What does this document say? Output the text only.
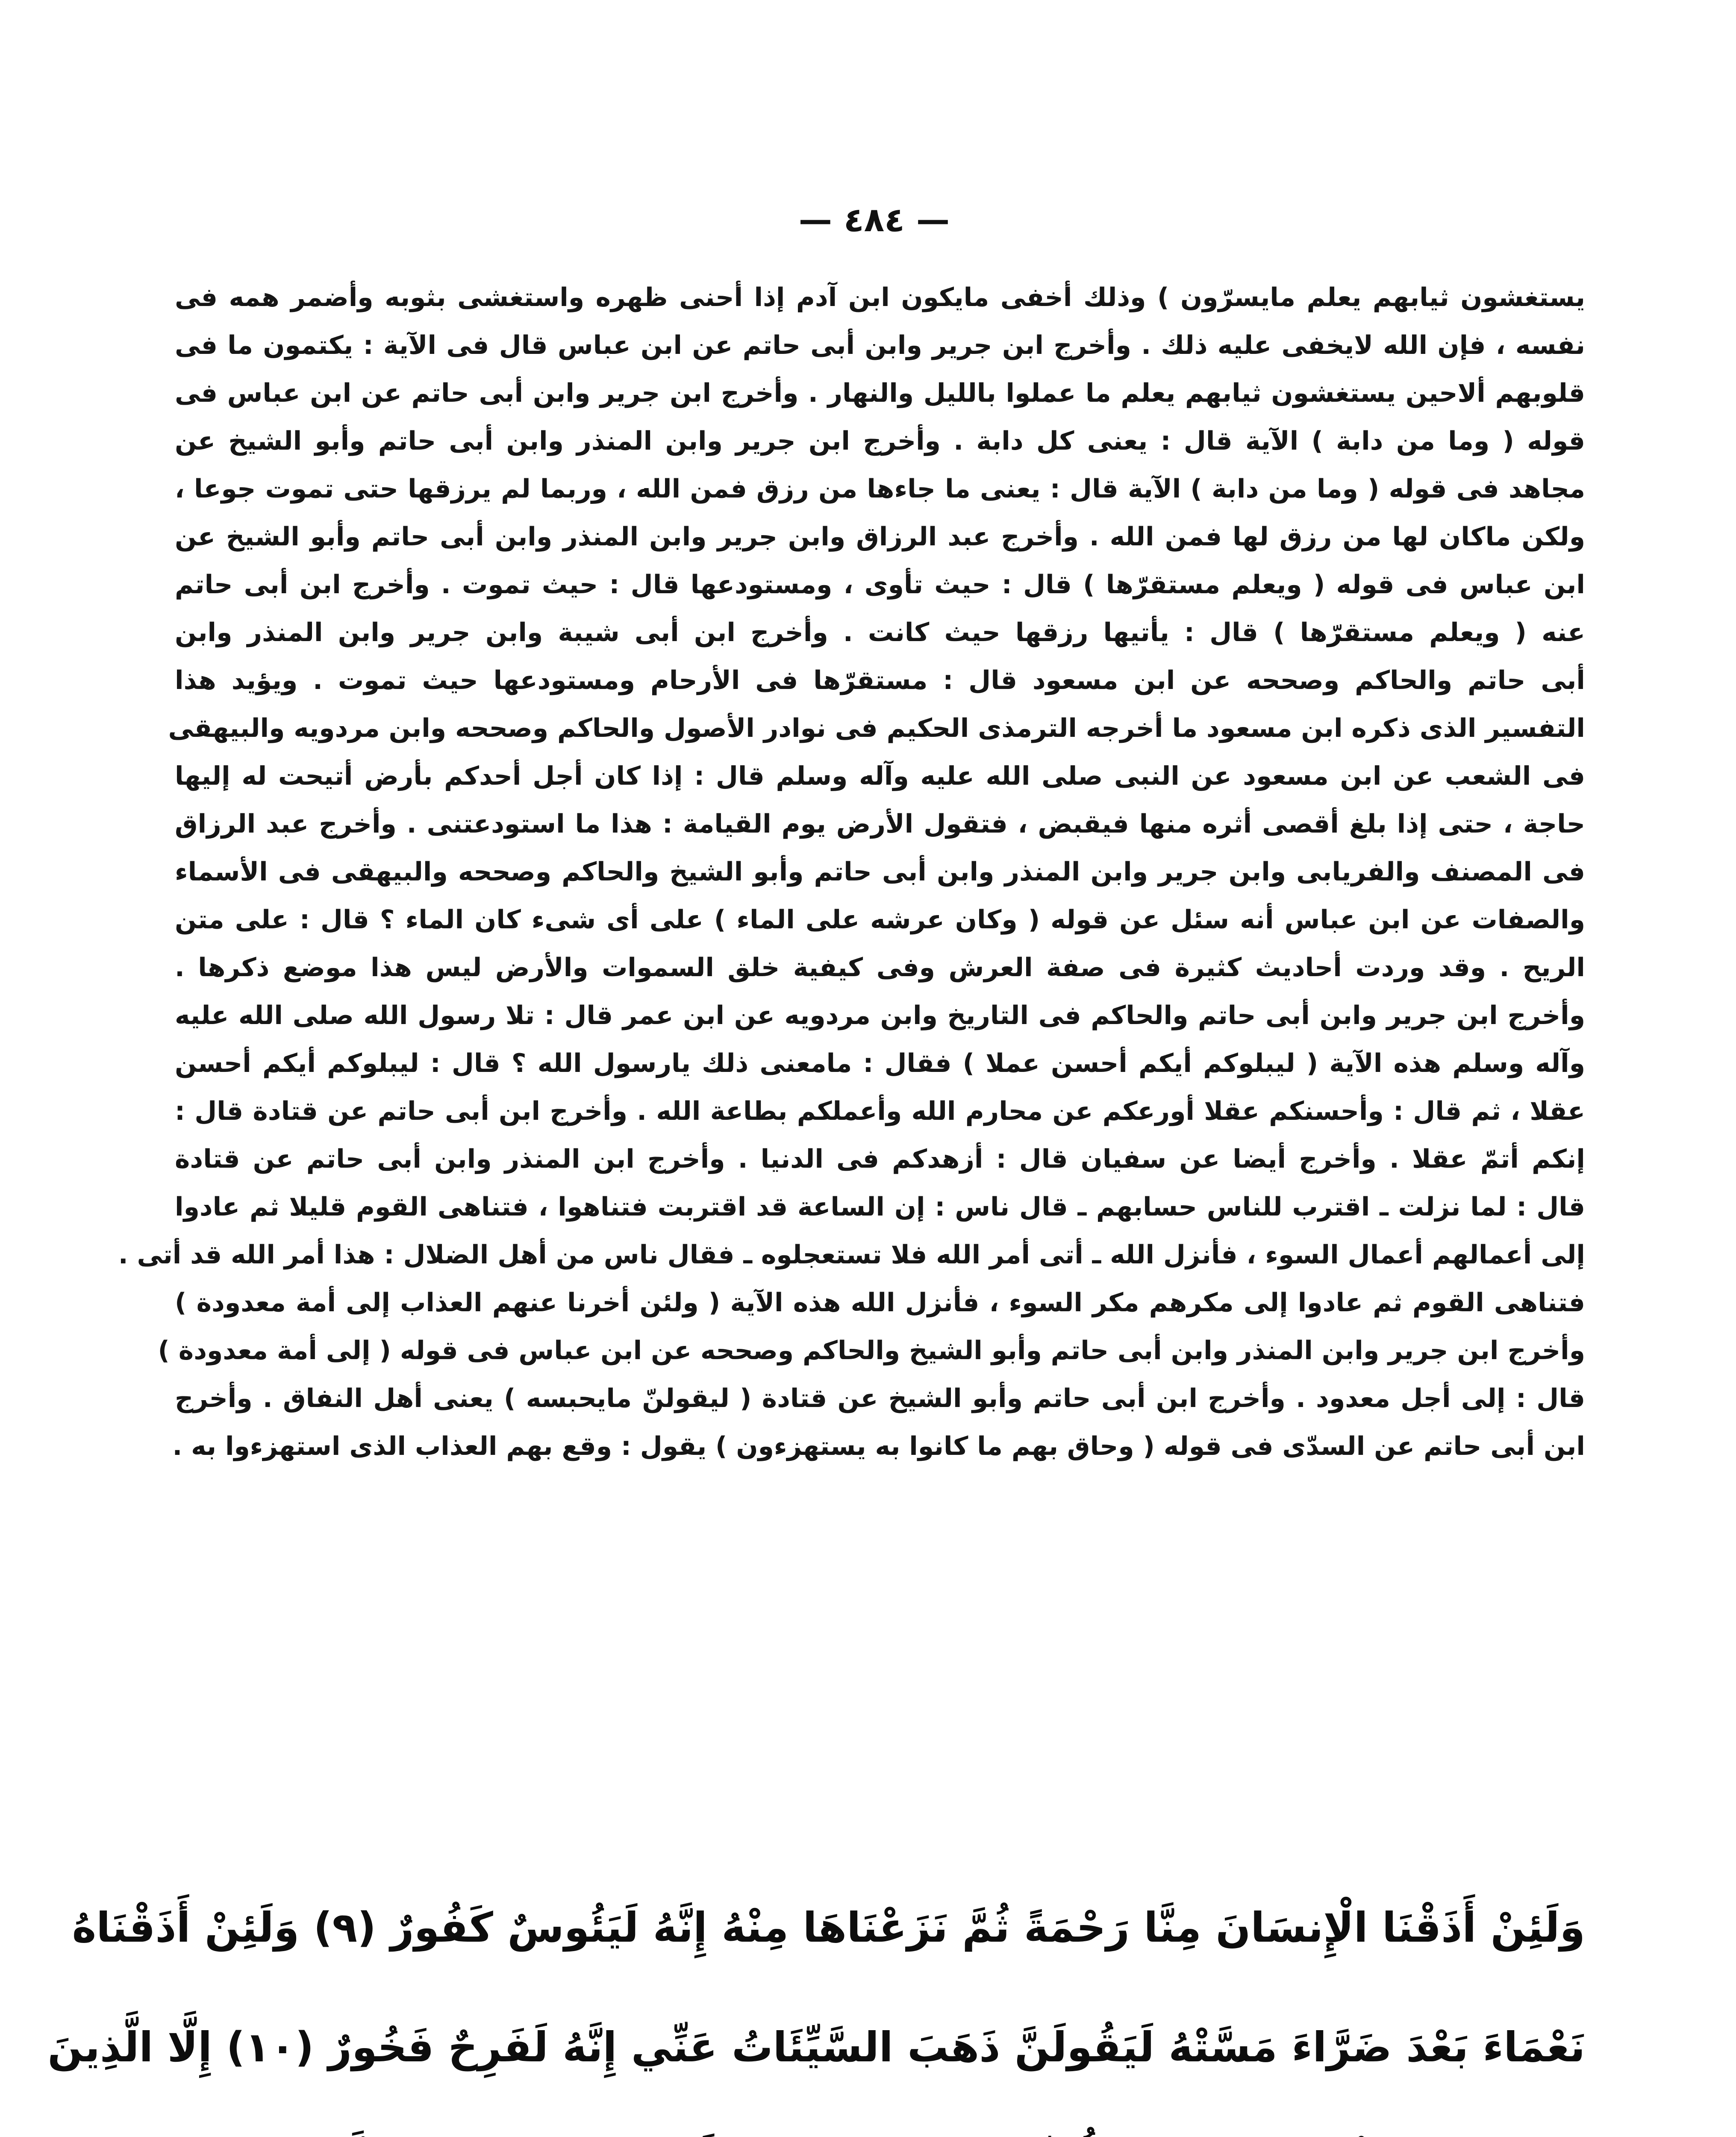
— ٤٨٤ —
يستغشون ثيابهم يعلم مايسرّون ) وذلك أخفى مايكون ابن آدم إذا أحنى ظهره واستغشى بثوبه وأضمر همه فى
نفسه ، فإن الله لايخفى عليه ذلك . وأخرج ابن جرير وابن أبى حاتم عن ابن عباس قال فى الآية : يكتمون ما فى
قلوبهم ألاحين يستغشون ثيابهم يعلم ما عملوا بالليل والنهار . وأخرج ابن جرير وابن أبى حاتم عن ابن عباس فى
قوله ( وما من دابة ) الآية قال : يعنى كل دابة . وأخرج ابن جرير وابن المنذر وابن أبى حاتم وأبو الشيخ عن
مجاهد فى قوله ( وما من دابة ) الآية قال : يعنى ما جاءها من رزق فمن الله ، وربما لم يرزقها حتى تموت جوعا ،
ولكن ماكان لها من رزق لها فمن الله . وأخرج عبد الرزاق وابن جرير وابن المنذر وابن أبى حاتم وأبو الشيخ عن
ابن عباس فى قوله ( ويعلم مستقرّها ) قال : حيث تأوى ، ومستودعها قال : حيث تموت . وأخرج ابن أبى حاتم
عنه ( ويعلم مستقرّها ) قال : يأتيها رزقها حيث كانت . وأخرج ابن أبى شيبة وابن جرير وابن المنذر وابن
أبى حاتم والحاكم وصححه عن ابن مسعود قال : مستقرّها فى الأرحام ومستودعها حيث تموت . ويؤيد هذا
التفسير الذى ذكره ابن مسعود ما أخرجه الترمذى الحكيم فى نوادر الأصول والحاكم وصححه وابن مردويه والبيهقى
فى الشعب عن ابن مسعود عن النبى صلى الله عليه وآله وسلم قال : إذا كان أجل أحدكم بأرض أتيحت له إليها
حاجة ، حتى إذا بلغ أقصى أثره منها فيقبض ، فتقول الأرض يوم القيامة : هذا ما استودعتنى . وأخرج عبد الرزاق
فى المصنف والفريابى وابن جرير وابن المنذر وابن أبى حاتم وأبو الشيخ والحاكم وصححه والبيهقى فى الأسماء
والصفات عن ابن عباس أنه سئل عن قوله ( وكان عرشه على الماء ) على أى شىء كان الماء ؟ قال : على متن
الريح . وقد وردت أحاديث كثيرة فى صفة العرش وفى كيفية خلق السموات والأرض ليس هذا موضع ذكرها .
وأخرج ابن جرير وابن أبى حاتم والحاكم فى التاريخ وابن مردويه عن ابن عمر قال : تلا رسول الله صلى الله عليه
وآله وسلم هذه الآية ( ليبلوكم أيكم أحسن عملا ) فقال : مامعنى ذلك يارسول الله ؟ قال : ليبلوكم أيكم أحسن
عقلا ، ثم قال : وأحسنكم عقلا أورعكم عن محارم الله وأعملكم بطاعة الله . وأخرج ابن أبى حاتم عن قتادة قال :
إنكم أتمّ عقلا . وأخرج أيضا عن سفيان قال : أزهدكم فى الدنيا . وأخرج ابن المنذر وابن أبى حاتم عن قتادة
قال : لما نزلت ـ اقترب للناس حسابهم ـ قال ناس : إن الساعة قد اقتربت فتناهوا ، فتناهى القوم قليلا ثم عادوا
إلى أعمالهم أعمال السوء ، فأنزل الله ـ أتى أمر الله فلا تستعجلوه ـ فقال ناس من أهل الضلال : هذا أمر الله قد أتى .
فتناهى القوم ثم عادوا إلى مكرهم مكر السوء ، فأنزل الله هذه الآية ( ولئن أخرنا عنهم العذاب إلى أمة معدودة )
وأخرج ابن جرير وابن المنذر وابن أبى حاتم وأبو الشيخ والحاكم وصححه عن ابن عباس فى قوله ( إلى أمة معدودة )
قال : إلى أجل معدود . وأخرج ابن أبى حاتم وأبو الشيخ عن قتادة ( ليقولنّ مايحبسه ) يعنى أهل النفاق . وأخرج
ابن أبى حاتم عن السدّى فى قوله ( وحاق بهم ما كانوا به يستهزءون ) يقول : وقع بهم العذاب الذى استهزءوا به .
وَلَئِنْ أَذَقْنَا الْإِنسَانَ مِنَّا رَحْمَةً ثُمَّ نَزَعْنَاهَا مِنْهُ إِنَّهُ لَيَئُوسٌ كَفُورٌ (٩) وَلَئِنْ أَذَقْنَاهُ
نَعْمَاءَ بَعْدَ ضَرَّاءَ مَسَّتْهُ لَيَقُولَنَّ ذَهَبَ السَّيِّئَاتُ عَنِّي إِنَّهُ لَفَرِحٌ فَخُورٌ (١٠) إِلَّا الَّذِينَ
